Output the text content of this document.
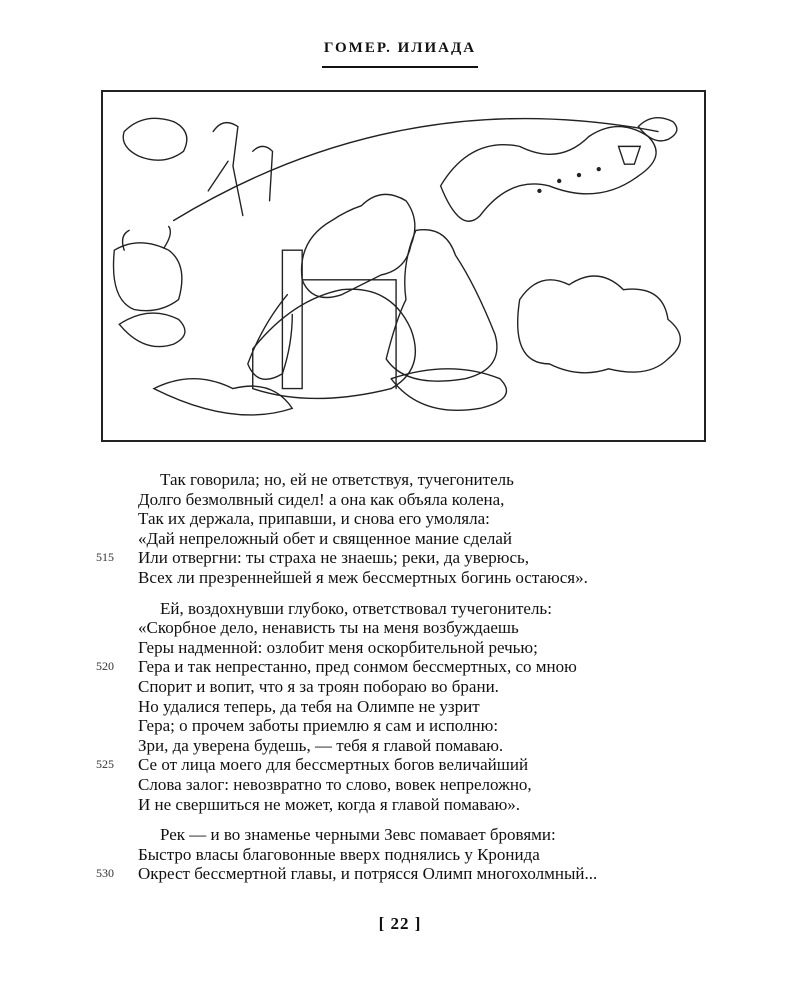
ГОМЕР. ИЛИАДА
Так говорила; но, ей не ответствуя, тучегонитель
Долго безмолвный сидел! а она как объяла колена,
Так их держала, припавши, и снова его умоляла:
«Дай непреложный обет и священное мание сделай
515 Или отвергни: ты страха не знаешь; реки, да уверюсь,
Всех ли презреннейшей я меж бессмертных богинь остаюся».
Ей, воздохнувши глубоко, ответствовал тучегонитель:
«Скорбное дело, ненависть ты на меня возбуждаешь
Геры надменной: озлобит меня оскорбительной речью;
520 Гера и так непрестанно, пред сонмом бессмертных, со мною
Спорит и вопит, что я за троян побораю во брани.
Но удалися теперь, да тебя на Олимпе не узрит
Гера; о прочем заботы приемлю я сам и исполню:
Зри, да уверена будешь, — тебя я главой помаваю.
525 Се от лица моего для бессмертных богов величайший
Слова залог: невозвратно то слово, вовек непреложно,
И не свершиться не может, когда я главой помаваю».
Рек — и во знаменье черными Зевс помавает бровями:
Быстро власы благовонные вверх поднялись у Кронида
530 Окрест бессмертной главы, и потрясся Олимп многохолмный...
[ 22 ]
